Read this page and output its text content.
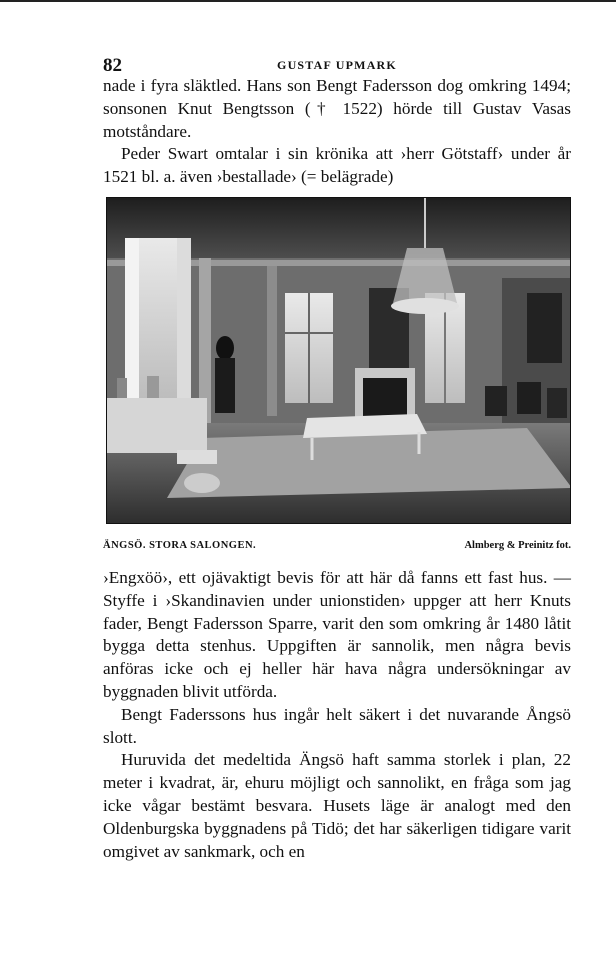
82	GUSTAF UPMARK

nade i fyra släktled. Hans son Bengt Fadersson dog omkring 1494; sonsonen Knut Bengtsson († 1522) hörde till Gustav Vasas motståndare.

Peder Swart omtalar i sin krönika att ›herr Götstaff› under år 1521 bl. a. även ›bestallade› (= belägrade)

ÄNGSÖ. STORA SALONGEN.	Almberg & Preinitz fot.

›Engxöö›, ett ojävaktigt bevis för att här då fanns ett fast hus. — Styffe i ›Skandinavien under unionstiden› uppger att herr Knuts fader, Bengt Fadersson Sparre, varit den som omkring år 1480 låtit bygga detta stenhus. Uppgiften är sannolik, men några bevis anföras icke och ej heller här hava några undersökningar av byggnaden blivit utförda.

Bengt Faderssons hus ingår helt säkert i det nuvarande Ångsö slott.

Huruvida det medeltida Ängsö haft samma storlek i plan, 22 meter i kvadrat, är, ehuru möjligt och sannolikt, en fråga som jag icke vågar bestämt besvara. Husets läge är analogt med den Oldenburgska byggnadens på Tidö; det har säkerligen tidigare varit omgivet av sankmark, och en
